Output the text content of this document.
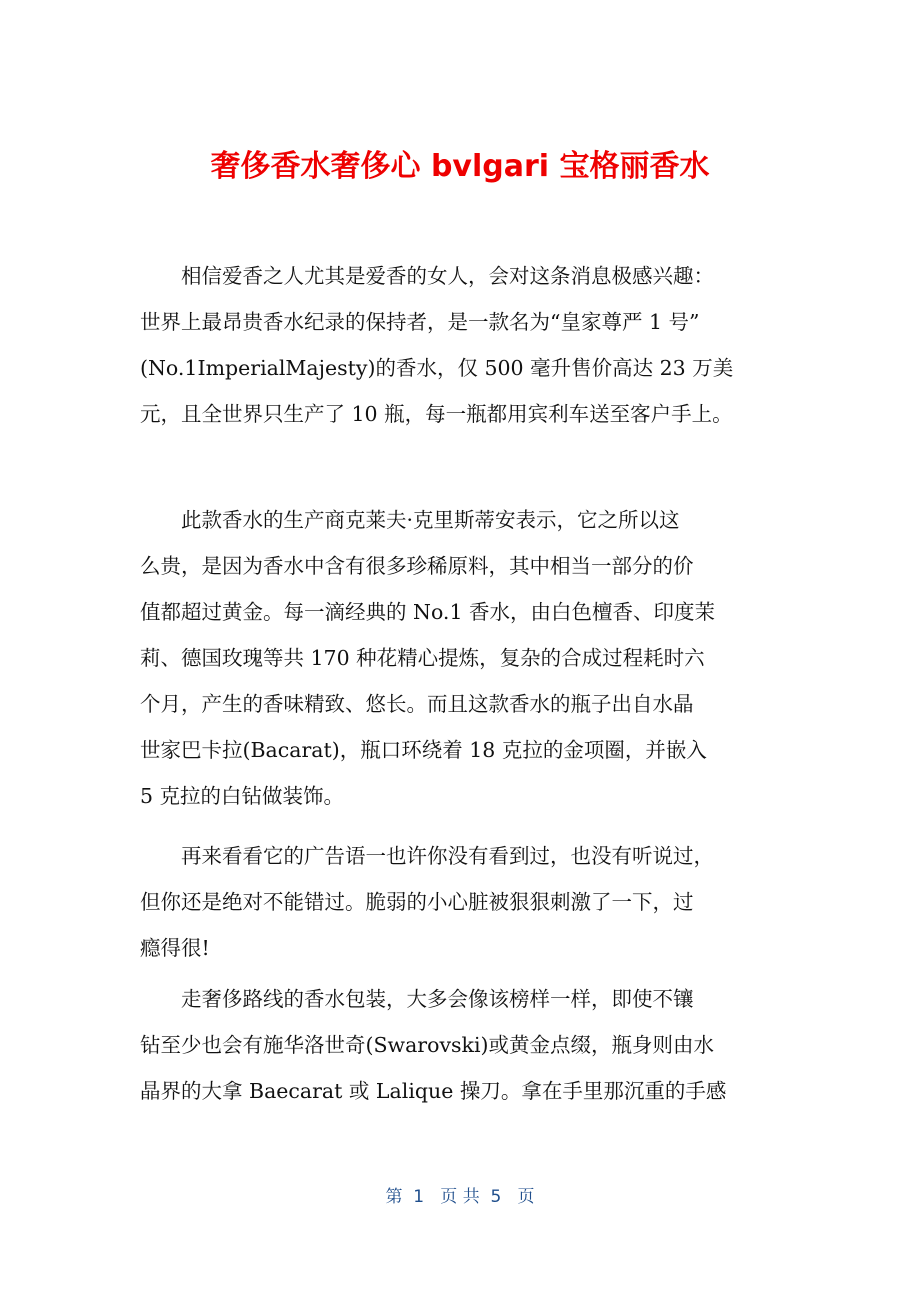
奢侈香水奢侈心 bvlgari 宝格丽香水

相信爱香之人尤其是爱香的女人，会对这条消息极感兴趣：
世界上最昂贵香水纪录的保持者，是一款名为“皇家尊严 1 号”
(No.1ImperialMajesty)的香水，仅 500 毫升售价高达 23 万美
元，且全世界只生产了 10 瓶，每一瓶都用宾利车送至客户手上。

此款香水的生产商克莱夫·克里斯蒂安表示，它之所以这
么贵，是因为香水中含有很多珍稀原料，其中相当一部分的价
值都超过黄金。每一滴经典的 No.1 香水，由白色檀香、印度茉
莉、德国玫瑰等共 170 种花精心提炼，复杂的合成过程耗时六
个月，产生的香味精致、悠长。而且这款香水的瓶子出自水晶
世家巴卡拉(Bacarat)，瓶口环绕着 18 克拉的金项圈，并嵌入
5 克拉的白钻做装饰。

再来看看它的广告语一也许你没有看到过，也没有听说过，
但你还是绝对不能错过。脆弱的小心脏被狠狠刺激了一下，过
瘾得很!

走奢侈路线的香水包装，大多会像该榜样一样，即使不镶
钻至少也会有施华洛世奇(Swarovski)或黄金点缀，瓶身则由水
晶界的大拿 Baecarat 或 Lalique 操刀。拿在手里那沉重的手感

第  1   页 共  5   页
